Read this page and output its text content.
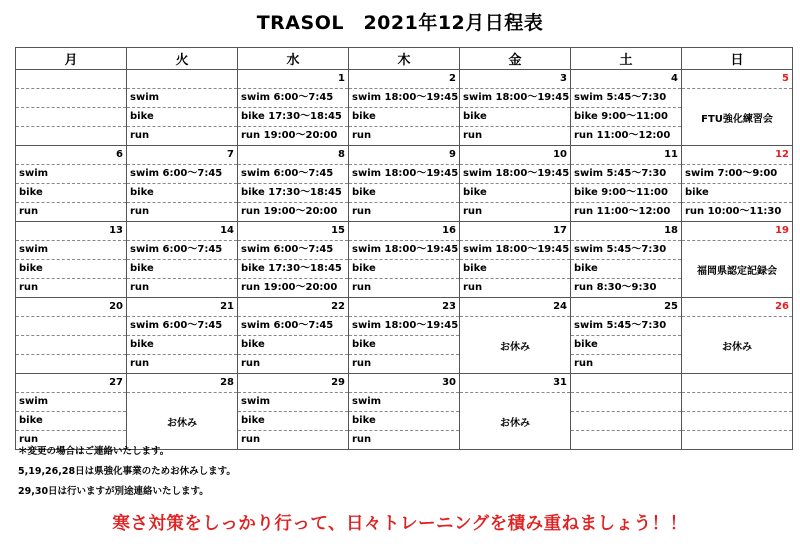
TRASOL　2021年12月日程表
月	火	水	木	金	土	日
		1	2	3	4	5
	swim	swim 6:00〜7:45	swim 18:00〜19:45	swim 18:00〜19:45	swim 5:45〜7:30	FTU強化練習会
	bike	bike 17:30〜18:45	bike	bike	bike 9:00〜11:00	
	run	run 19:00〜20:00	run	run	run 11:00〜12:00	
6	7	8	9	10	11	12
swim	swim 6:00〜7:45	swim 6:00〜7:45	swim 18:00〜19:45	swim 18:00〜19:45	swim 5:45〜7:30	swim 7:00〜9:00
bike	bike	bike 17:30〜18:45	bike	bike	bike 9:00〜11:00	bike
run	run	run 19:00〜20:00	run	run	run 11:00〜12:00	run 10:00〜11:30
13	14	15	16	17	18	19
swim	swim 6:00〜7:45	swim 6:00〜7:45	swim 18:00〜19:45	swim 18:00〜19:45	swim 5:45〜7:30	福岡県認定記録会
bike	bike	bike 17:30〜18:45	bike	bike	bike	
run	run	run 19:00〜20:00	run	run	run 8:30〜9:30	
20	21	22	23	24	25	26
	swim 6:00〜7:45	swim 6:00〜7:45	swim 18:00〜19:45	お休み	swim 5:45〜7:30	お休み
	bike	bike	bike		bike	
	run	run	run		run	
27	28	29	30	31		
swim	お休み	swim	swim	お休み		
bike		bike	bike			
run		run	run			
＊変更の場合はご連絡いたします。
5,19,26,28日は県強化事業のためお休みします。
29,30日は行いますが別途連絡いたします。
寒さ対策をしっかり行って、日々トレーニングを積み重ねましょう！！
